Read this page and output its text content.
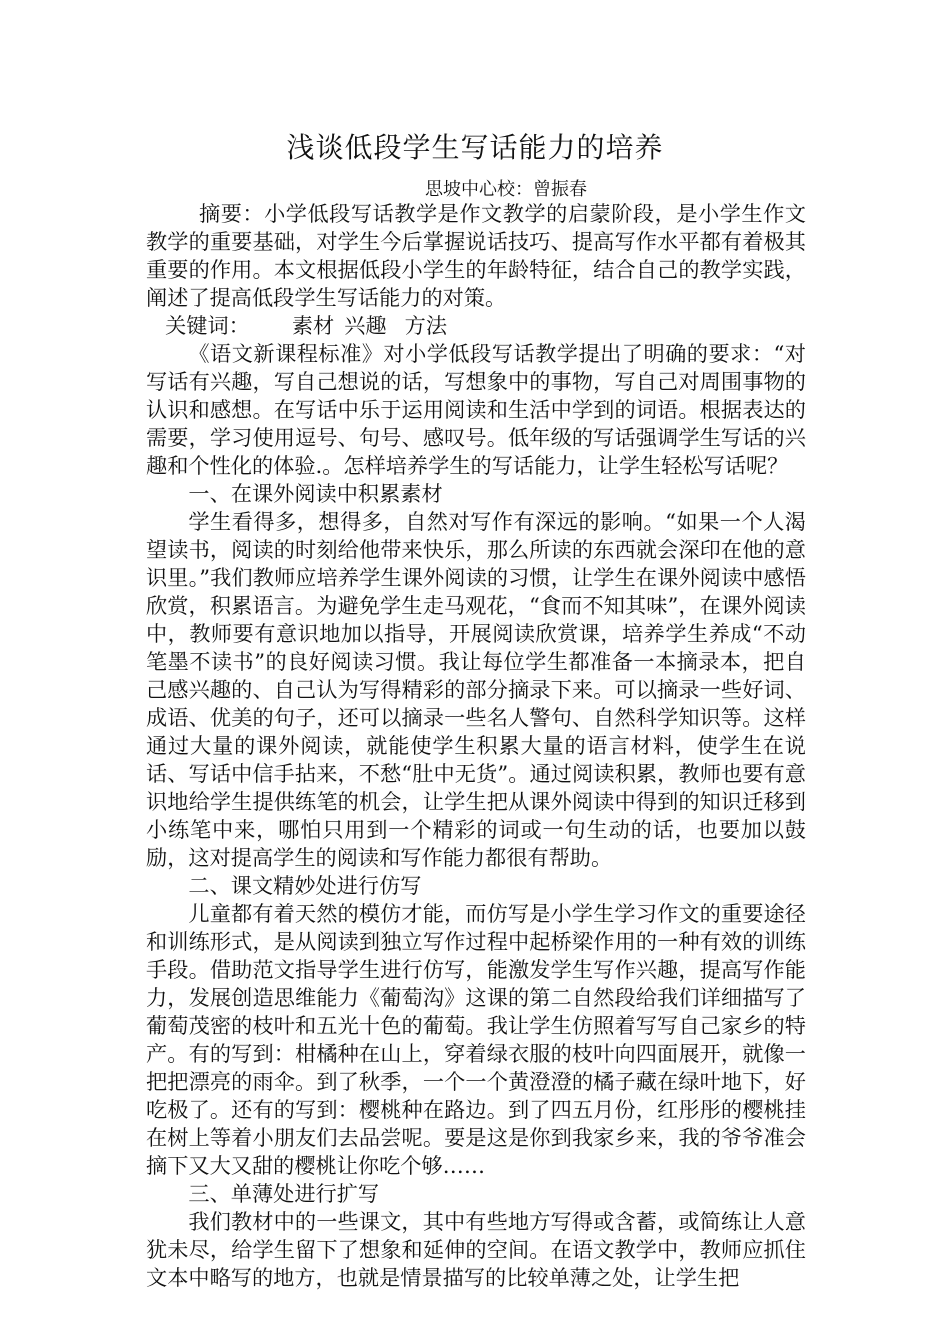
浅谈低段学生写话能力的培养
思坡中心校：曾振春

摘要：小学低段写话教学是作文教学的启蒙阶段，是小学生作文教学的重要基础，对学生今后掌握说话技巧、提高写作水平都有着极其重要的作用。本文根据低段小学生的年龄特征，结合自己的教学实践，阐述了提高低段学生写话能力的对策。

关键词： 素材 兴趣 方法

《语文新课程标准》对小学低段写话教学提出了明确的要求：“对写话有兴趣，写自己想说的话，写想象中的事物，写自己对周围事物的认识和感想。在写话中乐于运用阅读和生活中学到的词语。根据表达的需要，学习使用逗号、句号、感叹号。低年级的写话强调学生写话的兴趣和个性化的体验.。怎样培养学生的写话能力，让学生轻松写话呢？

一、在课外阅读中积累素材

学生看得多，想得多，自然对写作有深远的影响。“如果一个人渴望读书，阅读的时刻给他带来快乐，那么所读的东西就会深印在他的意识里。”我们教师应培养学生课外阅读的习惯，让学生在课外阅读中感悟欣赏，积累语言。为避免学生走马观花，“食而不知其味”，在课外阅读中，教师要有意识地加以指导，开展阅读欣赏课，培养学生养成“不动笔墨不读书”的良好阅读习惯。我让每位学生都准备一本摘录本，把自己感兴趣的、自己认为写得精彩的部分摘录下来。可以摘录一些好词、成语、优美的句子，还可以摘录一些名人警句、自然科学知识等。这样通过大量的课外阅读，就能使学生积累大量的语言材料，使学生在说话、写话中信手拈来，不愁“肚中无货”。通过阅读积累，教师也要有意识地给学生提供练笔的机会，让学生把从课外阅读中得到的知识迁移到小练笔中来，哪怕只用到一个精彩的词或一句生动的话，也要加以鼓励，这对提高学生的阅读和写作能力都很有帮助。

二、课文精妙处进行仿写

儿童都有着天然的模仿才能，而仿写是小学生学习作文的重要途径和训练形式，是从阅读到独立写作过程中起桥梁作用的一种有效的训练手段。借助范文指导学生进行仿写，能激发学生写作兴趣，提高写作能力，发展创造思维能力《葡萄沟》这课的第二自然段给我们详细描写了葡萄茂密的枝叶和五光十色的葡萄。我让学生仿照着写写自己家乡的特产。有的写到：柑橘种在山上，穿着绿衣服的枝叶向四面展开，就像一把把漂亮的雨伞。到了秋季，一个一个黄澄澄的橘子藏在绿叶地下，好吃极了。还有的写到：樱桃种在路边。到了四五月份，红彤彤的樱桃挂在树上等着小朋友们去品尝呢。要是这是你到我家乡来，我的爷爷准会摘下又大又甜的樱桃让你吃个够……

三、单薄处进行扩写

我们教材中的一些课文，其中有些地方写得或含蓄，或简练让人意犹未尽，给学生留下了想象和延伸的空间。在语文教学中，教师应抓住文本中略写的地方，也就是情景描写的比较单薄之处，让学生把
